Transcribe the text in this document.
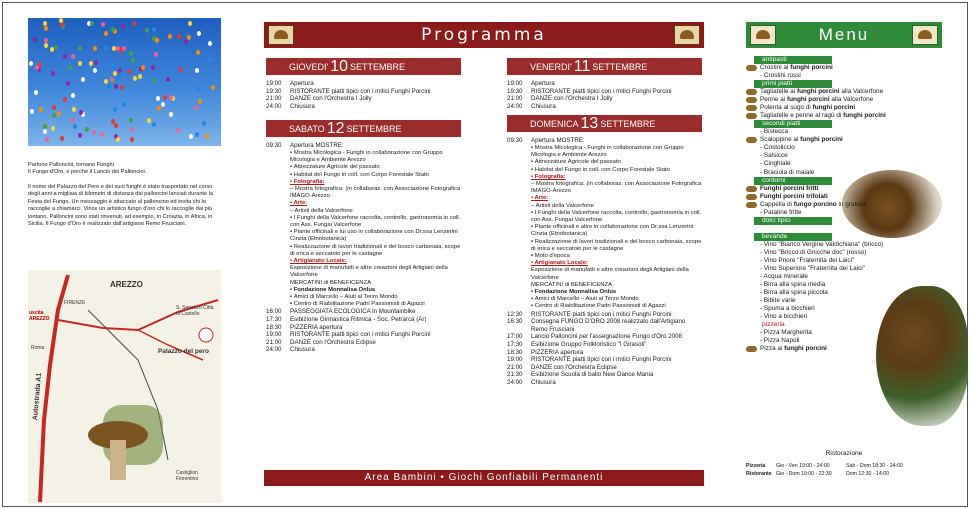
Partono Palloncini, tornano Funghi
Il Fungo d'Oro, e perché il Lancio dei Palloncini.
Il nome del Palazzo del Pero e dei suoi funghi è stato trasportato nel corso degli anni a migliaia di kilometri di distanza dai palloncini lanciati durante la Festa del Fungo. Un messaggio è attaccato al palloncino ed invita chi lo raccoglie a chiamarci. Vince un artistico fungo d'oro chi lo raccoglie dai più lontano. Palloncini sono stati rinvenuti, ad esempio, in Croazia, in Africa, in Sicilia. Il Fungo d'Oro è realizzato dall'artigiano Remo Frusciani.
AREZZO
uscita AREZZO
FIRENZE
Roma
Autostrada A1
S. Sepolcro Città di Castello
Palazzo del pero
Castiglion Fiorentino
Programma
GIOVEDI' 10 SETTEMBRE
19:00	Apertura
19:30	RISTORANTE piatti tipici con i mitici Funghi Porcini
21:00	DANZE con l'Orchestra I Jolly
24:00	Chiusura
SABATO 12 SETTEMBRE
09:30	Apertura MOSTRE:
• Mostra Micologica - Funghi in collaborazione con Gruppo Micologia e Ambiente Arezzo
• Attrezzature Agricole del passato
• Habitat del Fungo in coll. con Corpo Forestale Stato
• Fotografia:
– Mostra fotografica: (in collaboraz. con Associazione Fotografica IMAGO-Arezzo
• Arte:
– Artisti della Valcerfone
• I Funghi della Valcerfone raccolta, controllo, gastronomia in coll. con Ass. Fungai Valcerfone
• Piante officinali e lui uso in collaborazione con Dr.ssa Lenzerini Cinzia (Etnobotanica)
• Realizzazione di lavori tradizionali e del bosco carbonaia, scope di erica e seccatoio per le castagne
• Artigianato Locale:
Esposizione di manufatti e altre creazioni degli Artigiani della Valcerfone
MERCATINI di BENEFICENZA
• Fondazione Monnalisa Onlus
• Amici di Marcello – Aiuti al Terzo Mondo
• Centro di Riabilitazione Padri Passionisti di Agazzi
16:00	PASSEGGIATA ECOLOGICA in Mountainbike
17:30	Esibizione Ginnastica Ritmica - Soc. Petrarca (Ar)
18:30	PIZZERIA apertura
19:00	RISTORANTE piatti tipici con i mitici Funghi Porcini
21:00	DANZE con l'Orchestra Eclipse
24:00	Chiusura
VENERDI' 11 SETTEMBRE
19:00	Apertura
19:30	RISTORANTE piatti tipici con i mitici Funghi Porcini
21:00	DANZE con l'Orchestra I Jolly
24:00	Chiusura
DOMENICA 13 SETTEMBRE
09:30	Apertura MOSTRE:
• Mostra Micologica - Funghi in collaborazione con Gruppo Micologia e Ambiente Arezzo
• Attrezzature Agricole del passato
• Habitat del Fungo in coll. con Corpo Forestale Stato
• Fotografia:
– Mostra fotografica: (in collaboraz. con Associazione Fotografica IMAGO-Arezzo
• Arte:
– Artisti della Valcerfone
• I Funghi della Valcerfone raccolta, controllo, gastronomia in coll. con Ass. Fungai Valcerfone
• Piante officinali e altre in collaborazione con Dr.ssa Lenzerini Cinzia (Etnobotanica)
• Realizzazione di lavori tradizionali e del bosco carbonaia, scope di erica e seccatoio per le castagne
• Moto d'epoca
• Artigianato Locale:
Esposizione di manufatti e altre creazioni degli Artigiani della Valcerfone
MERCATINI di BENEFICENZA
• Fondazione Monnalisa Onlus
• Amici di Marcello – Aiuti al Terzo Mondo
• Centro di Riabilitazione Padri Passionisti di Agazzi
12:30	RISTORANTE piatti tipici con i mitici Funghi Porcini
16:30	Consegna FUNGO D'ORO 2008 realizzato dall'Artigiano Remo Frusciani
17:00	Lancio Palloncini per l'assegnazione Fungo d'Oro 2008
17:30	Esibizione Gruppo Folkloristico "I Girasoli"
18:30	PIZZERIA apertura
19:00	RISTORANTE piatti tipici con i mitici Funghi Porcini
21:00	DANZE con l'Orchestra Eclipse
21:30	Esibizione Scuola di ballo New Dance Mania
24:00	Chiusura
Area Bambini • Giochi Gonfiabili Permanenti
Menu
antipasti
Crostini ai funghi porcini
- Crostini rossi
primi piatti
Tagliatelle ai funghi porcini alla Valcerfone
Penne ai funghi porcini alla Valcerfone
Polenta al sugo di funghi porcini
Tagliatelle e penne al ragù di funghi porcini
secondi piatti
- Bistecca
Scaloppine ai funghi porcini
- Costoliccio
- Salsicce
- Cinghiale
- Braciola di maiale
contorni
Funghi porcini fritti
Funghi porcini trifolati
Cappella di fungo porcino in gratella
- Patatine fritte
dolci tipici
bevande
- Vino "Bianco Vergine Valdichiana" (bricco)
- Vino "Bricco di Gnicche doc" (rosso)
- Vino Priore "Fraternita dei Laici"
- Vino Superiore "Fraternita dei Laici"
- Acqua minerale
- Birra alla spina media
- Birra alla spina piccola
- Bibite varie
- Spuma a bicchieri
- Vino a bicchieri
pizzeria
- Pizza Margherita
- Pizza Napoli
Pizza ai funghi porcini
Ristorazione
Pizzeria	Gio - Ven 19:00 - 24:00	Sab - Dom 18:30 - 24:00
Ristorante Gio - Dom 19:00 - 22:30	Dom 12:30 - 14:00
